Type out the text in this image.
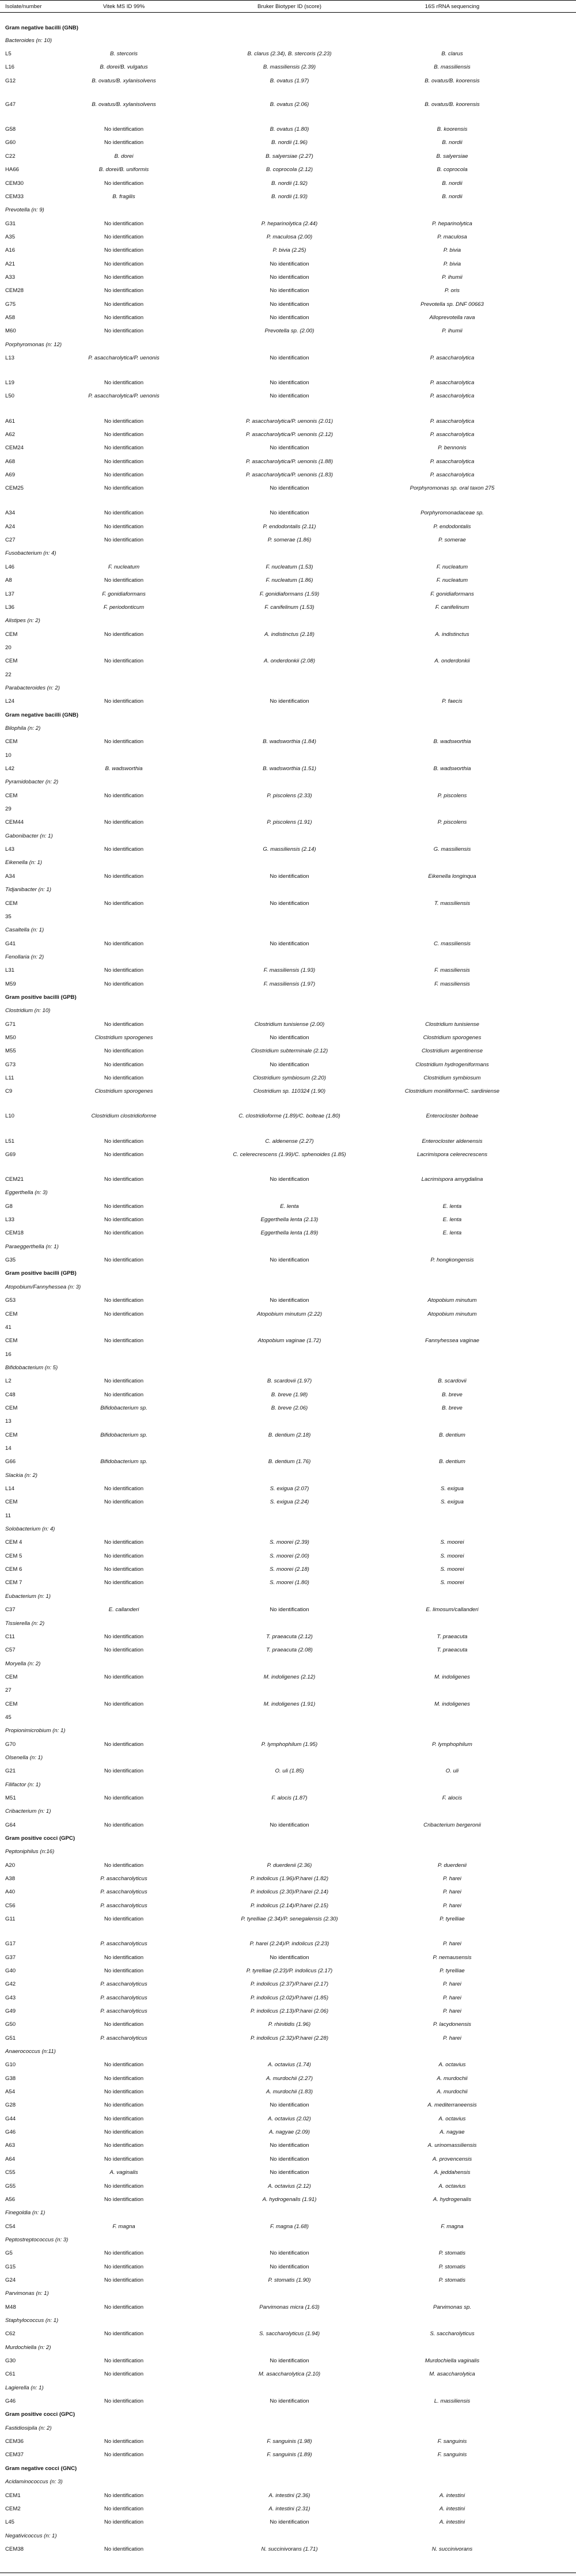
Isolate/number	Vitek MS ID 99%	Bruker Biotyper ID (score)	16S rRNA sequencing
Gram negative bacilli (GNB)
Bacteroides (n: 10)
L5	B. stercoris	B. clarus (2.34), B. stercoris (2.23)	B. clarus
L16	B. dorei/B. vulgatus	B. massiliensis (2.39)	B. massiliensis
G12	B. ovatus/B. xylanisolvens	B. ovatus (1.97)	B. ovatus/B. koorensis
G47	B. ovatus/B. xylanisolvens	B. ovatus (2.06)	B. ovatus/B. koorensis
G58	No identification	B. ovatus (1.80)	B. koorensis
G60	No identification	B. nordii (1.96)	B. nordii
C22	B. dorei	B. salyersiae (2.27)	B. salyersiae
HA66	B. dorei/B. uniformis	B. coprocola (2.12)	B. coprocola
CEM30	No identification	B. nordii (1.92)	B. nordii
CEM33	B. fragilis	B. nordii (1.93)	B. nordii
Prevotella (n: 9)
G31	No identification	P. heparinolytica (2.44)	P. heparinolytica
A35	No identification	P. maculosa (2.00)	P. maculosa
A16	No identification	P. bivia (2.25)	P. bivia
A21	No identification	No identification	P. bivia
A33	No identification	No identification	P. ihumii
CEM28	No identification	No identification	P. oris
G75	No identification	No identification	Prevotella sp. DNF 00663
A58	No identification	No identification	Alloprevotella rava
M60	No identification	Prevotella sp. (2.00)	P. ihumii
Porphyromonas (n: 12)
L13	P. asaccharolytica/P. uenonis	No identification	P. asaccharolytica
L19	No identification	No identification	P. asaccharolytica
L50	P. asaccharolytica/P. uenonis	No identification	P. asaccharolytica
A61	No identification	P. asaccharolytica/P. uenonis (2.01)	P. asaccharolytica
A62	No identification	P. asaccharolytica/P. uenonis (2.12)	P. asaccharolytica
CEM24	No identification	No identification	P. bennonis
A68	No identification	P. asaccharolytica/P. uenonis (1.88)	P. asaccharolytica
A69	No identification	P. asaccharolytica/P. uenonis (1.83)	P. asaccharolytica
CEM25	No identification	No identification	Porphyromonas sp. oral taxon 275
A34	No identification	No identification	Porphyromonadaceae sp.
A24	No identification	P. endodontalis (2.11)	P. endodontalis
C27	No identification	P. somerae (1.86)	P. somerae
Fusobacterium (n: 4)
L46	F. nucleatum	F. nucleatum (1.53)	F. nucleatum
A8	No identification	F. nucleatum (1.86)	F. nucleatum
L37	F. gonidiaformans	F. gonidiaformans (1.59)	F. gonidiaformans
L36	F. periodonticum	F. canifelinum (1.53)	F. canifelinum
Alistipes (n: 2)
CEM	No identification	A. indistinctus (2.18)	A. indistinctus
20
CEM	No identification	A. onderdonkii (2.08)	A. onderdonkii
22
Parabacteroides (n: 2)
L24	No identification	No identification	P. faecis
Gram negative bacilli (GNB)
Bilophila (n: 2)
CEM	No identification	B. wadsworthia (1.84)	B. wadsworthia
10
L42	B. wadsworthia	B. wadsworthia (1.51)	B. wadsworthia
Pyramidobacter (n: 2)
CEM	No identification	P. piscolens (2.33)	P. piscolens
29
CEM44	No identification	P. piscolens (1.91)	P. piscolens
Gabonibacter (n: 1)
L43	No identification	G. massiliensis (2.14)	G. massiliensis
Eikenella (n: 1)
A34	No identification	No identification	Eikenella longinqua
Tidjanibacter (n: 1)
CEM	No identification	No identification	T. massiliensis
35
Casaltella (n: 1)
G41	No identification	No identification	C. massiliensis
Fenollaria (n: 2)
L31	No identification	F. massiliensis (1.93)	F. massiliensis
M59	No identification	F. massiliensis (1.97)	F. massiliensis
Gram positive bacilli (GPB)
Clostridium (n: 10)
G71	No identification	Clostridium tunisiense (2.00)	Clostridium tunisiense
M50	Clostridium sporogenes	No identification	Clostridium sporogenes
M55	No identification	Clostridium subterminale (2.12)	Clostridium argentinense
G73	No identification	No identification	Clostridium hydrogeniformans
L11	No identification	Clostridium symbiosum (2.20)	Clostridium symbiosum
C9	Clostridium sporogenes	Clostridium sp. 110324 (1.90)	Clostridium moniliforme/C. sardiniense
L10	Clostridium clostridioforme	C. clostridioforme (1.89)/C. bolteae (1.80)	Enterocloster bolteae
L51	No identification	C. aldenense (2.27)	Enterocloster aldenensis
G69	No identification	C. celerecrescens (1.99)/C. sphenoides (1.85)	Lacrimispora celerecrescens
CEM21	No identification	No identification	Lacrimispora amygdalina
Eggerthella (n: 3)
G8	No identification	E. lenta	E. lenta
L33	No identification	Eggerthella lenta (2.13)	E. lenta
CEM18	No identification	Eggerthella lenta (1.89)	E. lenta
Paraeggerthella (n: 1)
G35	No identification	No identification	P. hongkongensis
Gram positive bacilli (GPB)
Atopobium/Fannyhessea (n: 3)
G53	No identification	No identification	Atopobium minutum
CEM	No identification	Atopobium minutum (2.22)	Atopobium minutum
41
CEM	No identification	Atopobium vaginae (1.72)	Fannyhessea vaginae
16
Bifidobacterium (n: 5)
L2	No identification	B. scardovii (1.97)	B. scardovii
C48	No identification	B. breve (1.98)	B. breve
CEM	Bifidobacterium sp.	B. breve (2.06)	B. breve
13
CEM	Bifidobacterium sp.	B. dentium (2.18)	B. dentium
14
G66	Bifidobacterium sp.	B. dentium (1.76)	B. dentium
Slackia (n: 2)
L14	No identification	S. exigua (2.07)	S. exigua
CEM	No identification	S. exigua (2.24)	S. exigua
11
Solobacterium (n: 4)
CEM 4	No identification	S. moorei (2.39)	S. moorei
CEM 5	No identification	S. moorei (2.00)	S. moorei
CEM 6	No identification	S. moorei (2.18)	S. moorei
CEM 7	No identification	S. moorei (1.80)	S. moorei
Eubacterium (n: 1)
C37	E. callanderi	No identification	E. limosum/callanderi
Tissierella (n: 2)
C11	No identification	T. praeacuta (2.12)	T. praeacuta
C57	No identification	T. praeacuta (2.08)	T. praeacuta
Moryella (n: 2)
CEM	No identification	M. indoligenes (2.12)	M. indoligenes
27
CEM	No identification	M. indoligenes (1.91)	M. indoligenes
45
Propionimicrobium (n: 1)
G70	No identification	P. lymphophilum (1.95)	P. lymphophilum
Olsenella (n: 1)
G21	No identification	O. uli (1.85)	O. uli
Filifactor (n: 1)
M51	No identification	F. alocis (1.87)	F. alocis
Cribacterium (n: 1)
G64	No identification	No identification	Cribacterium bergeronii
Gram positive cocci (GPC)
Peptoniphilus (n:16)
A20	No identification	P. duerdenii (2.36)	P. duerdenii
A38	P. asaccharolyticus	P. indolicus (1.96)/P.harei (1.82)	P. harei
A40	P. asaccharolyticus	P. indolicus (2.30)/P.harei (2.14)	P. harei
C56	P. asaccharolyticus	P. indolicus (2.14)/P.harei (2.15)	P. harei
G11	No identification	P. tyrelliae (2.34)/P. senegalensis (2.30)	P. tyrelliae
G17	P. asaccharolyticus	P. harei (2.24)/P. indolicus (2.23)	P. harei
G37	No identification	No identification	P. nemausensis
G40	No identification	P. tyrelliae (2.23)/P. indolicus (2.17)	P. tyrelliae
G42	P. asaccharolyticus	P. indolicus (2.37)/P.harei (2.17)	P. harei
G43	P. asaccharolyticus	P. indolicus (2.02)/P.harei (1.85)	P. harei
G49	P. asaccharolyticus	P. indolicus (2.13)/P.harei (2.06)	P. harei
G50	No identification	P. rhinitidis (1.96)	P. lacydonensis
G51	P. asaccharolyticus	P. indolicus (2.32)/P.harei (2.28)	P. harei
Anaerococcus (n:11)
G10	No identification	A. octavius (1.74)	A. octavius
G38	No identification	A. murdochii (2.27)	A. murdochii
A54	No identification	A. murdochii (1.83)	A. murdochii
G28	No identification	No identification	A. mediterraneensis
G44	No identification	A. octavius (2.02)	A. octavius
G46	No identification	A. nagyae (2.09)	A. nagyae
A63	No identification	No identification	A. urinomassiliensis
A64	No identification	No identification	A. provencensis
C55	A. vaginalis	No identification	A. jeddahensis
G55	No identification	A. octavius (2.12)	A. octavius
A56	No identification	A. hydrogenalis (1.91)	A. hydrogenalis
Finegoldia (n: 1)
C54	F. magna	F. magna (1.68)	F. magna
Peptostreptococcus (n: 3)
G5	No identification	No identification	P. stomatis
G15	No identification	No identification	P. stomatis
G24	No identification	P. stomatis (1.90)	P. stomatis
Parvimonas (n: 1)
M48	No identification	Parvimonas micra (1.63)	Parvimonas sp.
Staphylococcus (n: 1)
C62	No identification	S. saccharolyticus (1.94)	S. saccharolyticus
Murdochiella (n: 2)
G30	No identification	No identification	Murdochiella vaginalis
C61	No identification	M. asaccharolytica (2.10)	M. asaccharolytica
Lagierella (n: 1)
G46	No identification	No identification	L. massiliensis
Gram positive cocci (GPC)
Fastidiosipila (n: 2)
CEM36	No identification	F. sanguinis (1.98)	F. sanguinis
CEM37	No identification	F. sanguinis (1.89)	F. sanguinis
Gram negative cocci (GNC)
Acidaminococcus (n: 3)
CEM1	No identification	A. intestini (2.36)	A. intestini
CEM2	No identification	A. intestini (2.31)	A. intestini
L45	No identification	No identification	A. intestini
Negativicoccus (n: 1)
CEM38	No identification	N. succinivorans (1.71)	N. succinivorans
